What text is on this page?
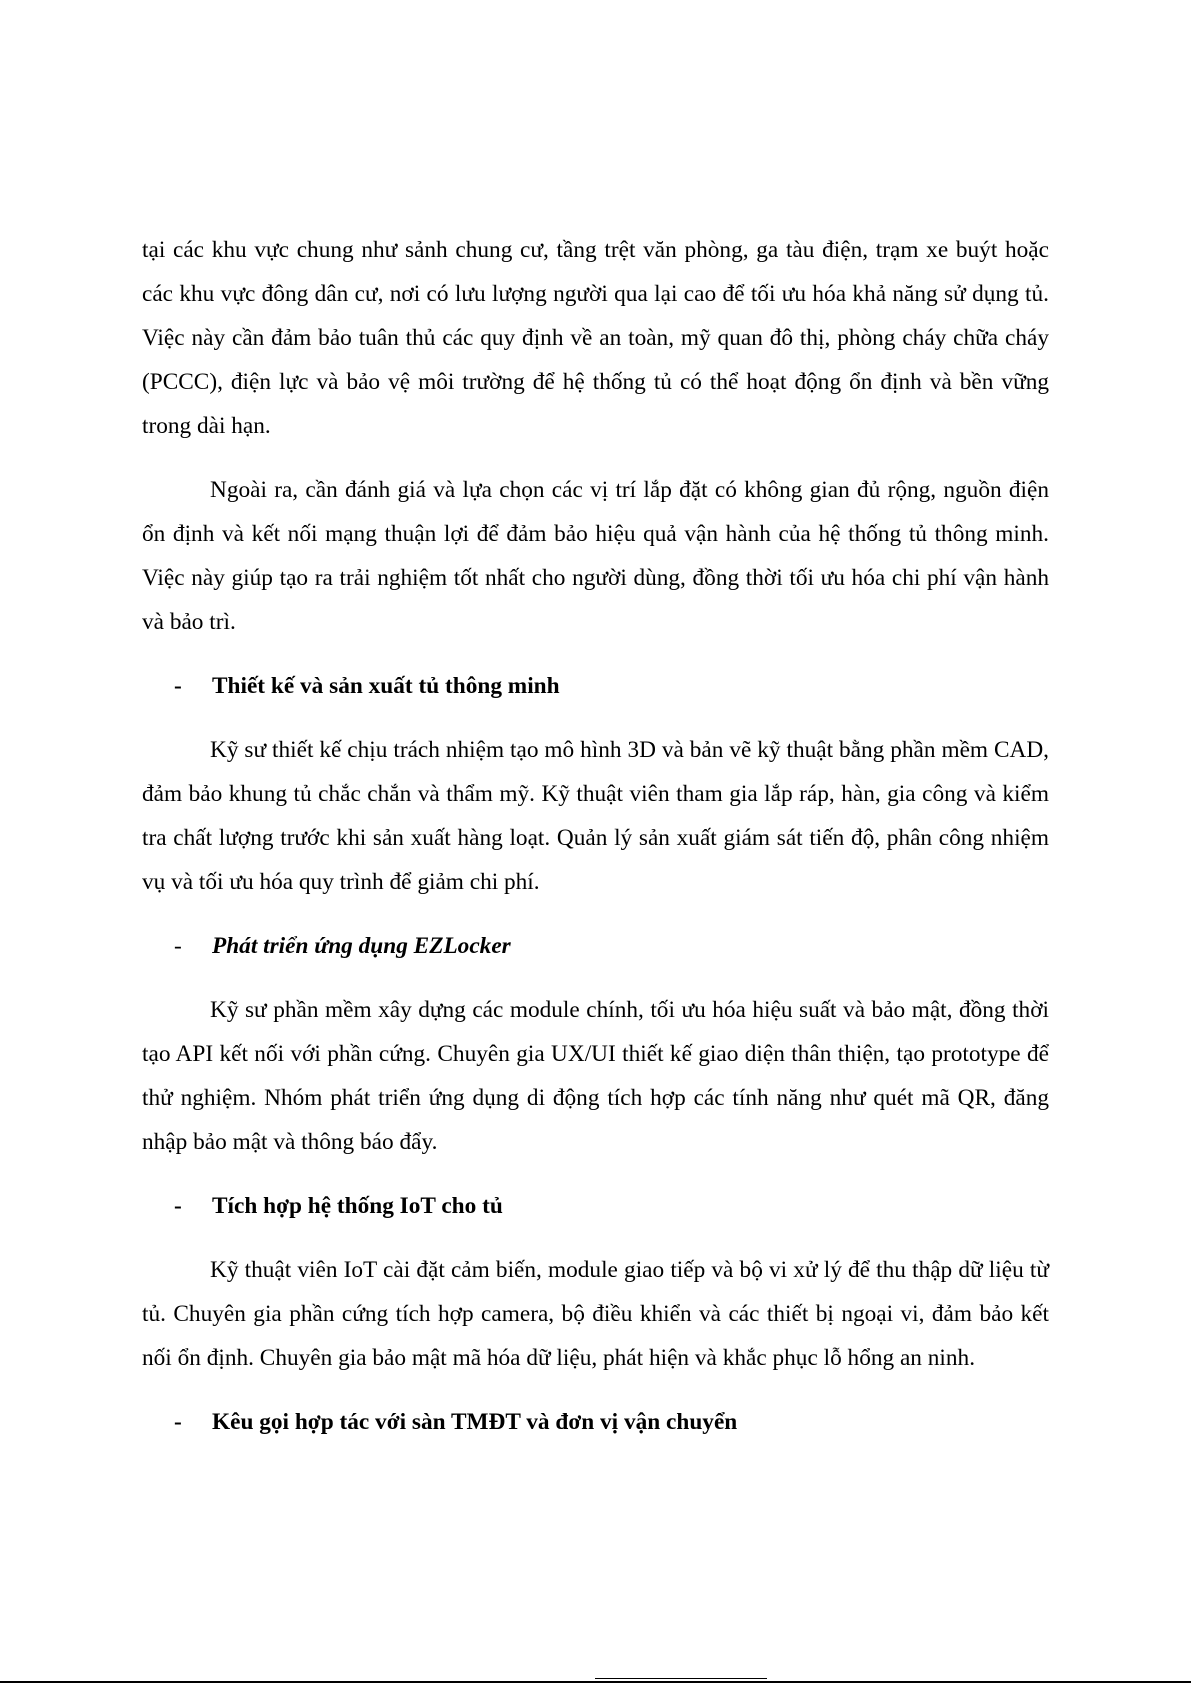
tại các khu vực chung như sảnh chung cư, tầng trệt văn phòng, ga tàu điện, trạm xe buýt hoặc các khu vực đông dân cư, nơi có lưu lượng người qua lại cao để tối ưu hóa khả năng sử dụng tủ. Việc này cần đảm bảo tuân thủ các quy định về an toàn, mỹ quan đô thị, phòng cháy chữa cháy (PCCC), điện lực và bảo vệ môi trường để hệ thống tủ có thể hoạt động ổn định và bền vững trong dài hạn.

Ngoài ra, cần đánh giá và lựa chọn các vị trí lắp đặt có không gian đủ rộng, nguồn điện ổn định và kết nối mạng thuận lợi để đảm bảo hiệu quả vận hành của hệ thống tủ thông minh. Việc này giúp tạo ra trải nghiệm tốt nhất cho người dùng, đồng thời tối ưu hóa chi phí vận hành và bảo trì.

- Thiết kế và sản xuất tủ thông minh

Kỹ sư thiết kế chịu trách nhiệm tạo mô hình 3D và bản vẽ kỹ thuật bằng phần mềm CAD, đảm bảo khung tủ chắc chắn và thẩm mỹ. Kỹ thuật viên tham gia lắp ráp, hàn, gia công và kiểm tra chất lượng trước khi sản xuất hàng loạt. Quản lý sản xuất giám sát tiến độ, phân công nhiệm vụ và tối ưu hóa quy trình để giảm chi phí.

- Phát triển ứng dụng EZLocker

Kỹ sư phần mềm xây dựng các module chính, tối ưu hóa hiệu suất và bảo mật, đồng thời tạo API kết nối với phần cứng. Chuyên gia UX/UI thiết kế giao diện thân thiện, tạo prototype để thử nghiệm. Nhóm phát triển ứng dụng di động tích hợp các tính năng như quét mã QR, đăng nhập bảo mật và thông báo đẩy.

- Tích hợp hệ thống IoT cho tủ

Kỹ thuật viên IoT cài đặt cảm biến, module giao tiếp và bộ vi xử lý để thu thập dữ liệu từ tủ. Chuyên gia phần cứng tích hợp camera, bộ điều khiển và các thiết bị ngoại vi, đảm bảo kết nối ổn định. Chuyên gia bảo mật mã hóa dữ liệu, phát hiện và khắc phục lỗ hổng an ninh.

- Kêu gọi hợp tác với sàn TMĐT và đơn vị vận chuyển
